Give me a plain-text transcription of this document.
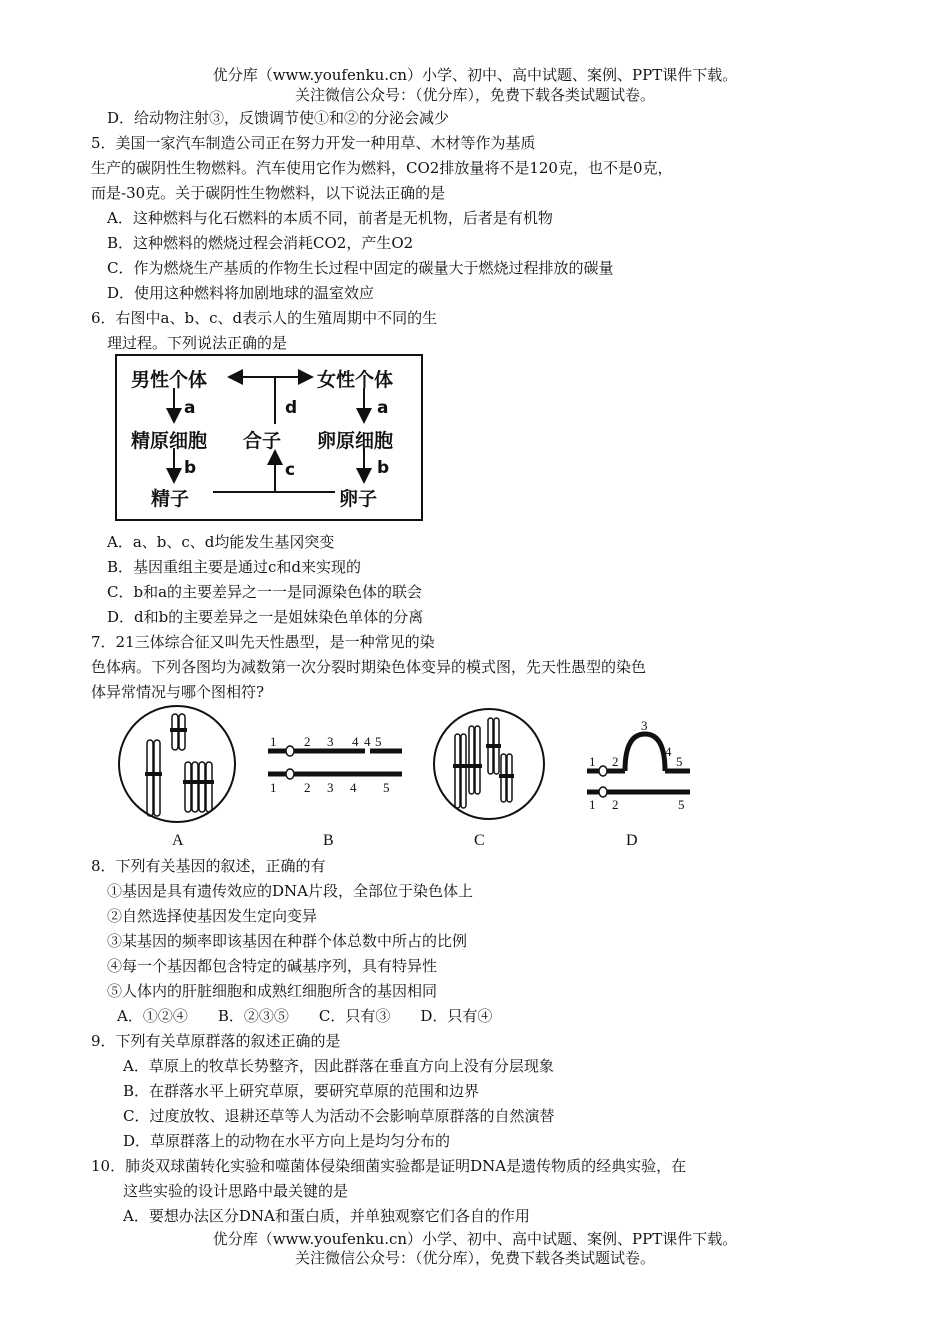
优分库（www.youfenku.cn）小学、初中、高中试题、案例、PPT课件下载。
关注微信公众号：（优分库），免费下载各类试题试卷。
D．给动物注射③，反馈调节使①和②的分泌会减少
5．美国一家汽车制造公司正在努力开发一种用草、木材等作为基质
生产的碳阴性生物燃料。汽车使用它作为燃料，CO2排放量将不是120克，也不是0克，
而是-30克。关于碳阴性生物燃料，以下说法正确的是
A．这种燃料与化石燃料的本质不同，前者是无机物，后者是有机物
B．这种燃料的燃烧过程会消耗CO2，产生O2
C．作为燃烧生产基质的作物生长过程中固定的碳量大于燃烧过程排放的碳量
D．使用这种燃料将加剧地球的温室效应
6．右图中a、b、c、d表示人的生殖周期中不同的生
理过程。下列说法正确的是
男性个体	女性个体
a	d	a
精原细胞 合子 卵原细胞
b	c	b
精子	卵子
A．a、b、c、d均能发生基冈突变
B．基因重组主要是通过c和d来实现的
C．b和a的主要差异之一一是同源染色体的联会
D．d和b的主要差异之一是姐妹染色单体的分离
7．21三体综合征又叫先天性愚型，是一种常见的染
色体病。下列各图均为减数第一次分裂时期染色体变异的模式图，先天性愚型的染色
体异常情况与哪个图相符?
1 2 3 4 4 5
1 2 3 4 5
3
1 2
4
5
1 2	5
A	B	C	D
8．下列有关基因的叙述，正确的有
①基因是具有遗传效应的DNA片段，全部位于染色体上
②自然选择使基因发生定向变异
③某基因的频率即该基因在种群个体总数中所占的比例
④每一个基因都包含特定的碱基序列，具有特异性
⑤人体内的肝脏细胞和成熟红细胞所含的基因相同
A．①②④　　B．②③⑤　　C．只有③　　D．只有④
9．下列有关草原群落的叙述正确的是
A．草原上的牧草长势整齐，因此群落在垂直方向上没有分层现象
B．在群落水平上研究草原，要研究草原的范围和边界
C．过度放牧、退耕还草等人为活动不会影响草原群落的自然演替
D．草原群落上的动物在水平方向上是均匀分布的
10．肺炎双球菌转化实验和噬菌体侵染细菌实验都是证明DNA是遗传物质的经典实验，在
这些实验的设计思路中最关键的是
A．要想办法区分DNA和蛋白质，并单独观察它们各自的作用
优分库（www.youfenku.cn）小学、初中、高中试题、案例、PPT课件下载。
关注微信公众号：（优分库），免费下载各类试题试卷。
